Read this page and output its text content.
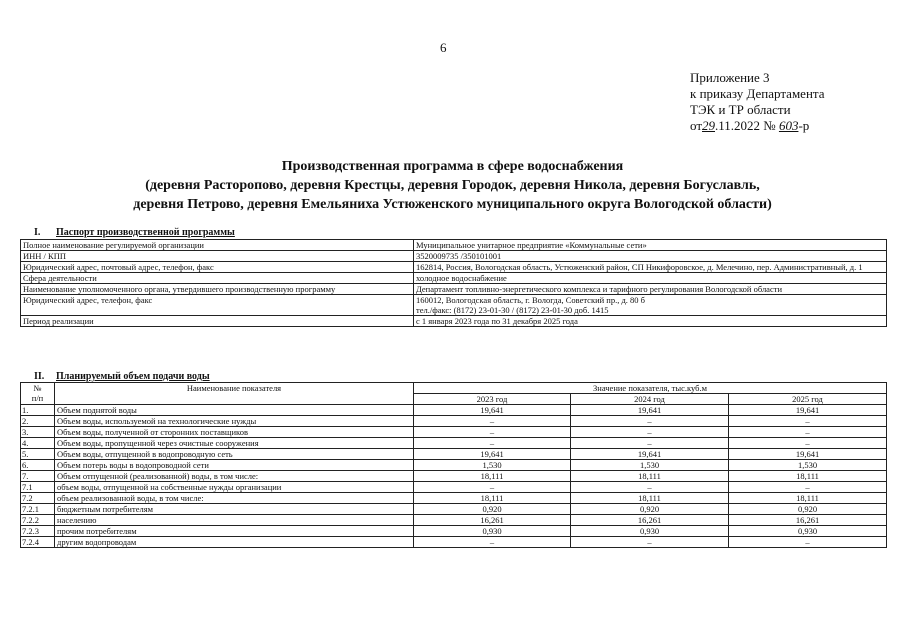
6
Приложение 3
к приказу Департамента
ТЭК и ТР области
от29.11.2022 № 603-р
Производственная программа в сфере водоснабжения
(деревня Расторопово, деревня Крестцы, деревня Городок, деревня Никола, деревня Богуславль,
деревня Петрово, деревня Емельяниха Устюженского муниципального округа Вологодской области)
I. Паспорт производственной программы
Полное наименование регулируемой организации	Муниципальное унитарное предприятие «Коммунальные сети»
ИНН / КПП	3520009735 /350101001
Юридический адрес, почтовый адрес, телефон, факс	162814, Россия, Вологодская область, Устюженский район, СП Никифоровское, д. Мелечино, пер. Административный, д. 1
Сфера деятельности	холодное водоснабжение
Наименование уполномоченного органа, утвердившего производственную программу	Департамент топливно-энергетического комплекса и тарифного регулирования Вологодской области
Юридический адрес, телефон, факс	160012, Вологодская область, г. Вологда, Советский пр., д. 80 б
тел./факс: (8172) 23-01-30 / (8172) 23-01-30 доб. 1415
Период реализации	с 1 января 2023 года по 31 декабря 2025 года
II. Планируемый объем подачи воды
№
п/п	Наименование показателя	Значение показателя, тыс.куб.м		
		2023 год	2024 год	2025 год
1.	Объем поднятой воды	19,641	19,641	19,641
2.	Объем воды, используемой на технологические нужды	–	–	–
3.	Объем воды, полученной от сторонних поставщиков	–	–	–
4.	Объем воды, пропущенной через очистные сооружения	–	–	–
5.	Объем воды, отпущенной в водопроводную сеть	19,641	19,641	19,641
6.	Объем потерь воды в водопроводной сети	1,530	1,530	1,530
7.	Объем отпущенной (реализованной) воды, в том числе:	18,111	18,111	18,111
7.1	объем воды, отпущенной на собственные нужды организации	–	–	–
7.2	объем реализованной воды, в том числе:	18,111	18,111	18,111
7.2.1	бюджетным потребителям	0,920	0,920	0,920
7.2.2	населению	16,261	16,261	16,261
7.2.3	прочим потребителям	0,930	0,930	0,930
7.2.4	другим водопроводам	–	–	–
